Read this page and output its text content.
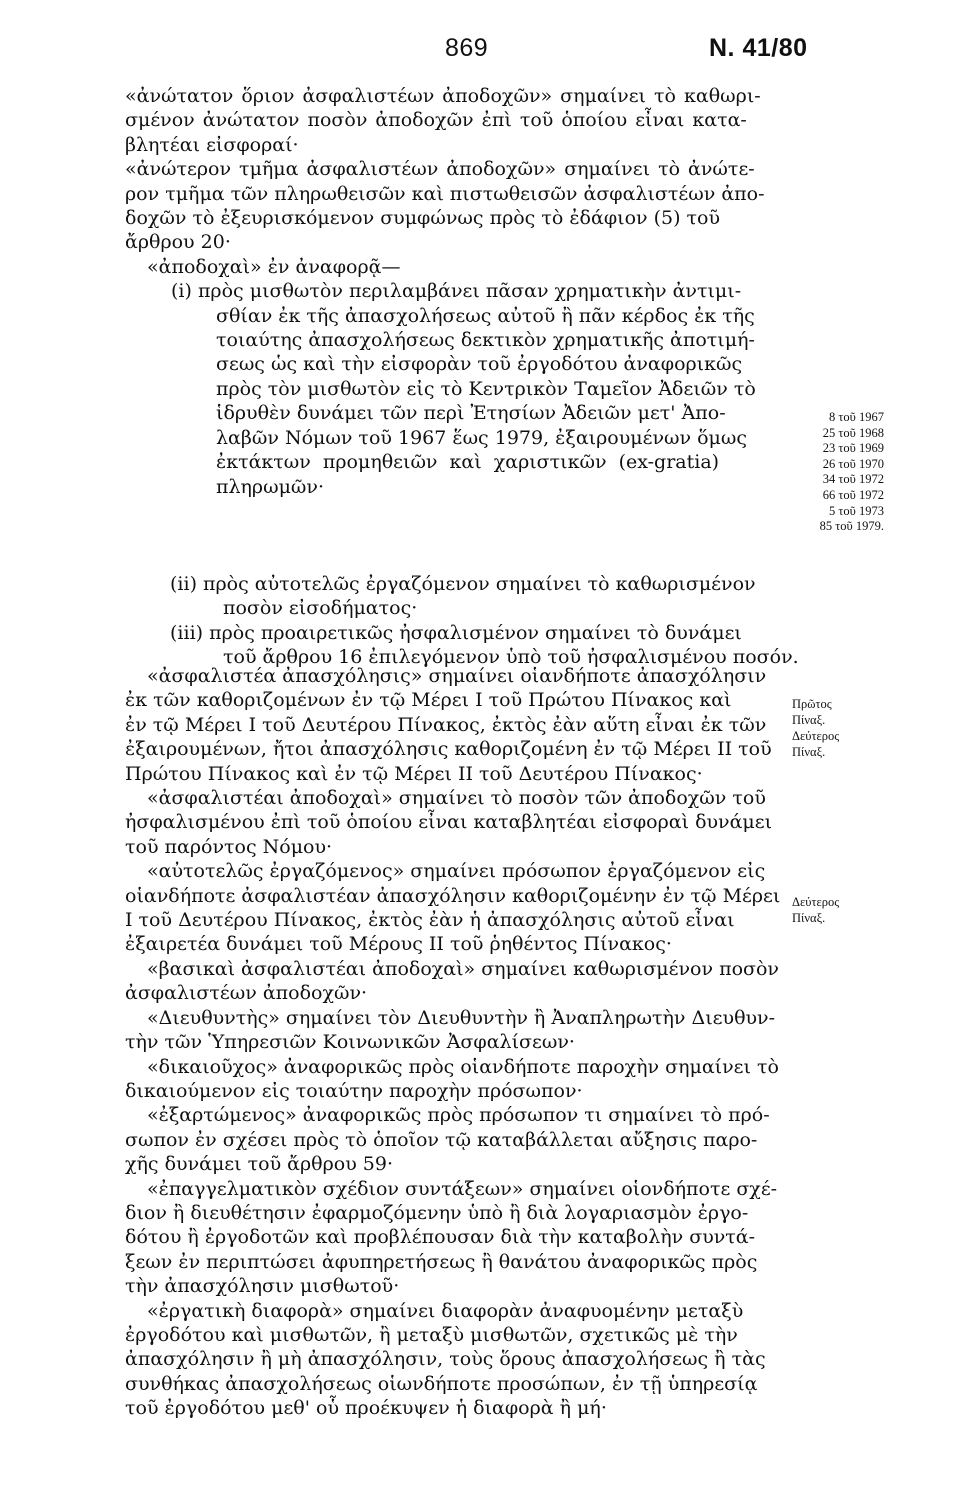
869	Ν. 41/80
«ἀνώτατον ὅριον ἀσφαλιστέων ἀποδοχῶν» σημαίνει τὸ καθωρι-
σμένον ἀνώτατον ποσὸν ἀποδοχῶν ἐπὶ τοῦ ὁποίου εἶναι κατα-
βλητέαι εἰσφοραί·
«ἀνώτερον τμῆμα ἀσφαλιστέων ἀποδοχῶν» σημαίνει τὸ ἀνώτε-
ρον τμῆμα τῶν πληρωθεισῶν καὶ πιστωθεισῶν ἀσφαλιστέων ἀπο-
δοχῶν τὸ ἐξευρισκόμενον συμφώνως πρὸς τὸ ἐδάφιον (5) τοῦ
ἄρθρου 20·
«ἀποδοχαὶ» ἐν ἀναφορᾷ—
(i) πρὸς μισθωτὸν περιλαμβάνει πᾶσαν χρηματικὴν ἀντιμι-
σθίαν ἐκ τῆς ἀπασχολήσεως αὐτοῦ ἢ πᾶν κέρδος ἐκ τῆς
τοιαύτης ἀπασχολήσεως δεκτικὸν χρηματικῆς ἀποτιμή-
σεως ὡς καὶ τὴν εἰσφορὰν τοῦ ἐργοδότου ἀναφορικῶς
πρὸς τὸν μισθωτὸν εἰς τὸ Κεντρικὸν Ταμεῖον Ἀδειῶν τὸ
ἱδρυθὲν δυνάμει τῶν περὶ Ἐτησίων Ἀδειῶν μετ' Ἀπο-
λαβῶν Νόμων τοῦ 1967 ἕως 1979, ἐξαιρουμένων ὅμως
ἐκτάκτων προμηθειῶν καὶ χαριστικῶν (ex-gratia)
πληρωμῶν·
8 τοῦ 1967
25 τοῦ 1968
23 τοῦ 1969
26 τοῦ 1970
34 τοῦ 1972
66 τοῦ 1972
5 τοῦ 1973
85 τοῦ 1979.
(ii) πρὸς αὐτοτελῶς ἐργαζόμενον σημαίνει τὸ καθωρισμένον
ποσὸν εἰσοδήματος·
(iii) πρὸς προαιρετικῶς ἠσφαλισμένον σημαίνει τὸ δυνάμει
τοῦ ἄρθρου 16 ἐπιλεγόμενον ὑπὸ τοῦ ἠσφαλισμένου ποσόν.
«ἀσφαλιστέα ἀπασχόλησις» σημαίνει οἱανδήποτε ἀπασχόλησιν
ἐκ τῶν καθοριζομένων ἐν τῷ Μέρει Ι τοῦ Πρώτου Πίνακος καὶ
ἐν τῷ Μέρει Ι τοῦ Δευτέρου Πίνακος, ἐκτὸς ἐὰν αὕτη εἶναι ἐκ τῶν
ἐξαιρουμένων, ἤτοι ἀπασχόλησις καθοριζομένη ἐν τῷ Μέρει ΙΙ τοῦ
Πρώτου Πίνακος καὶ ἐν τῷ Μέρει ΙΙ τοῦ Δευτέρου Πίνακος·
«ἀσφαλιστέαι ἀποδοχαὶ» σημαίνει τὸ ποσὸν τῶν ἀποδοχῶν τοῦ
ἠσφαλισμένου ἐπὶ τοῦ ὁποίου εἶναι καταβλητέαι εἰσφοραὶ δυνάμει
τοῦ παρόντος Νόμου·
«αὐτοτελῶς ἐργαζόμενος» σημαίνει πρόσωπον ἐργαζόμενον εἰς
οἱανδήποτε ἀσφαλιστέαν ἀπασχόλησιν καθοριζομένην ἐν τῷ Μέρει
Ι τοῦ Δευτέρου Πίνακος, ἐκτὸς ἐὰν ἡ ἀπασχόλησις αὐτοῦ εἶναι
ἐξαιρετέα δυνάμει τοῦ Μέρους ΙΙ τοῦ ῥηθέντος Πίνακος·
«βασικαὶ ἀσφαλιστέαι ἀποδοχαὶ» σημαίνει καθωρισμένον ποσὸν
ἀσφαλιστέων ἀποδοχῶν·
«Διευθυντὴς» σημαίνει τὸν Διευθυντὴν ἢ Ἀναπληρωτὴν Διευθυν-
τὴν τῶν Ὑπηρεσιῶν Κοινωνικῶν Ἀσφαλίσεων·
«δικαιοῦχος» ἀναφορικῶς πρὸς οἱανδήποτε παροχὴν σημαίνει τὸ
δικαιούμενον εἰς τοιαύτην παροχὴν πρόσωπον·
«ἐξαρτώμενος» ἀναφορικῶς πρὸς πρόσωπον τι σημαίνει τὸ πρό-
σωπον ἐν σχέσει πρὸς τὸ ὁποῖον τῷ καταβάλλεται αὔξησις παρο-
χῆς δυνάμει τοῦ ἄρθρου 59·
«ἐπαγγελματικὸν σχέδιον συντάξεων» σημαίνει οἱονδήποτε σχέ-
διον ἢ διευθέτησιν ἐφαρμοζόμενην ὑπὸ ἢ διὰ λογαριασμὸν ἐργο-
δότου ἢ ἐργοδοτῶν καὶ προβλέπουσαν διὰ τὴν καταβολὴν συντά-
ξεων ἐν περιπτώσει ἀφυπηρετήσεως ἢ θανάτου ἀναφορικῶς πρὸς
τὴν ἀπασχόλησιν μισθωτοῦ·
«ἐργατικὴ διαφορὰ» σημαίνει διαφορὰν ἀναφυομένην μεταξὺ
ἐργοδότου καὶ μισθωτῶν, ἢ μεταξὺ μισθωτῶν, σχετικῶς μὲ τὴν
ἀπασχόλησιν ἢ μὴ ἀπασχόλησιν, τοὺς ὅρους ἀπασχολήσεως ἢ τὰς
συνθήκας ἀπασχολήσεως οἱωνδήποτε προσώπων, ἐν τῇ ὑπηρεσίᾳ
τοῦ ἐργοδότου μεθ' οὗ προέκυψεν ἡ διαφορὰ ἢ μή·
Πρῶτος
Πίναξ.
Δεύτερος
Πίναξ.
Δεύτερος
Πίναξ.
